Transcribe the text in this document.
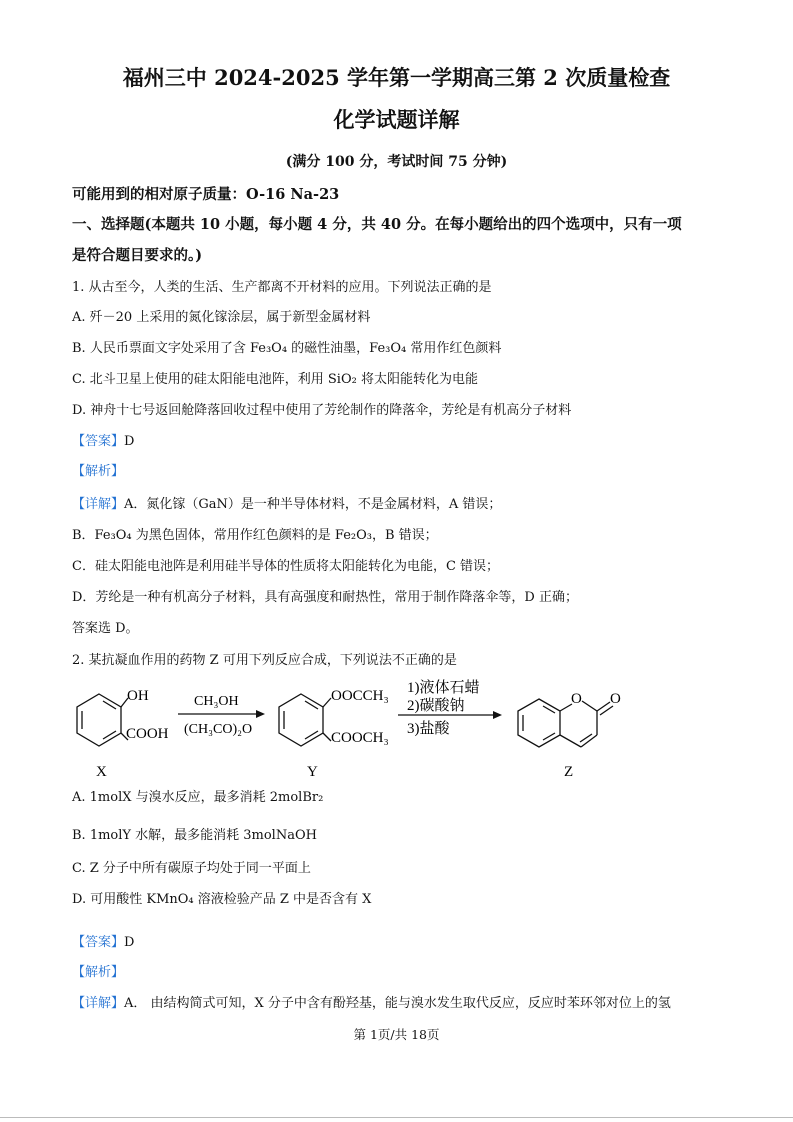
福州三中 2024-2025 学年第一学期高三第 2 次质量检查
化学试题详解
(满分 100 分，考试时间 75 分钟)
可能用到的相对原子质量：O-16 Na-23
一、选择题(本题共 10 小题，每小题 4 分，共 40 分。在每小题给出的四个选项中，只有一项
是符合题目要求的。)
1. 从古至今，人类的生活、生产都离不开材料的应用。下列说法正确的是
A. 歼－20 上采用的氮化镓涂层，属于新型金属材料
B. 人民币票面文字处采用了含 Fe₃O₄ 的磁性油墨，Fe₃O₄ 常用作红色颜料
C. 北斗卫星上使用的硅太阳能电池阵，利用 SiO₂ 将太阳能转化为电能
D. 神舟十七号返回舱降落回收过程中使用了芳纶制作的降落伞，芳纶是有机高分子材料
【答案】D
【解析】
【详解】A．氮化镓（GaN）是一种半导体材料，不是金属材料，A 错误；
B．Fe₃O₄ 为黑色固体，常用作红色颜料的是 Fe₂O₃，B 错误；
C．硅太阳能电池阵是利用硅半导体的性质将太阳能转化为电能，C 错误；
D．芳纶是一种有机高分子材料，具有高强度和耐热性，常用于制作降落伞等，D 正确；
答案选 D。
2. 某抗凝血作用的药物 Z 可用下列反应合成，下列说法不正确的是
OH
COOH
CH₃OH
(CH₃CO)₂O
OOCCH₃
COOCH₃
1)液体石蜡
2)碳酸钠
3)盐酸
O O
X	Y	Z
A. 1molX 与溴水反应，最多消耗 2molBr₂
B. 1molY 水解，最多能消耗 3molNaOH
C. Z 分子中所有碳原子均处于同一平面上
D. 可用酸性 KMnO₄ 溶液检验产品 Z 中是否含有 X
【答案】D
【解析】
【详解】A． 由结构简式可知，X 分子中含有酚羟基，能与溴水发生取代反应，反应时苯环邻对位上的氢
第 1页/共 18页
